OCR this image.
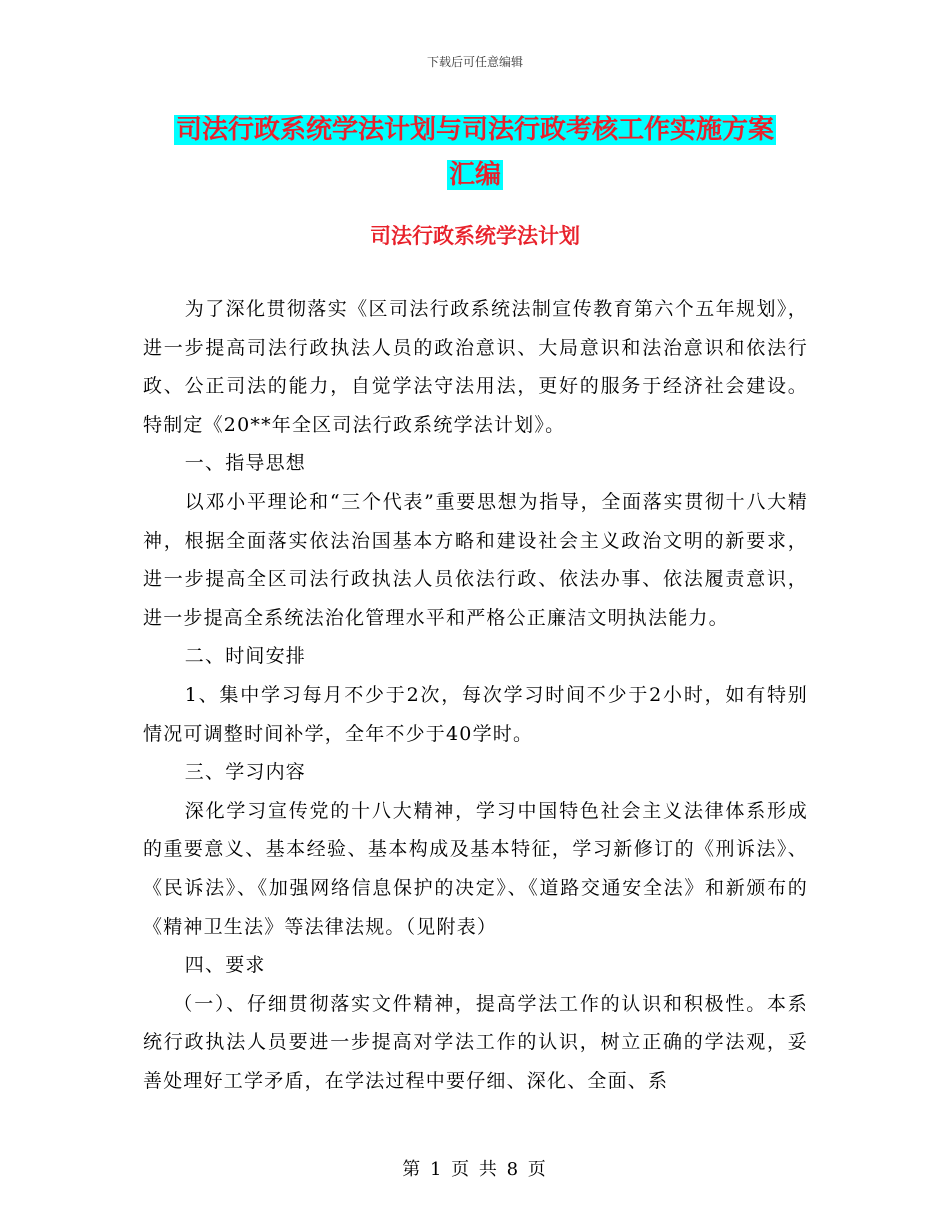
下载后可任意编辑
司法行政系统学法计划与司法行政考核工作实施方案
汇编
司法行政系统学法计划

为了深化贯彻落实《区司法行政系统法制宣传教育第六个五年规划》，进一步提高司法行政执法人员的政治意识、大局意识和法治意识和依法行政、公正司法的能力，自觉学法守法用法，更好的服务于经济社会建设。特制定《20**年全区司法行政系统学法计划》。

一、指导思想

以邓小平理论和“三个代表”重要思想为指导，全面落实贯彻十八大精神，根据全面落实依法治国基本方略和建设社会主义政治文明的新要求，进一步提高全区司法行政执法人员依法行政、依法办事、依法履责意识，进一步提高全系统法治化管理水平和严格公正廉洁文明执法能力。

二、时间安排

1、集中学习每月不少于2次，每次学习时间不少于2小时，如有特别情况可调整时间补学，全年不少于40学时。

三、学习内容

深化学习宣传党的十八大精神，学习中国特色社会主义法律体系形成的重要意义、基本经验、基本构成及基本特征，学习新修订的《刑诉法》、《民诉法》、《加强网络信息保护的决定》、《道路交通安全法》和新颁布的《精神卫生法》等法律法规。（见附表）

四、要求

（一）、仔细贯彻落实文件精神，提高学法工作的认识和积极性。本系统行政执法人员要进一步提高对学法工作的认识，树立正确的学法观，妥善处理好工学矛盾，在学法过程中要仔细、深化、全面、系

第 1 页 共 8 页
